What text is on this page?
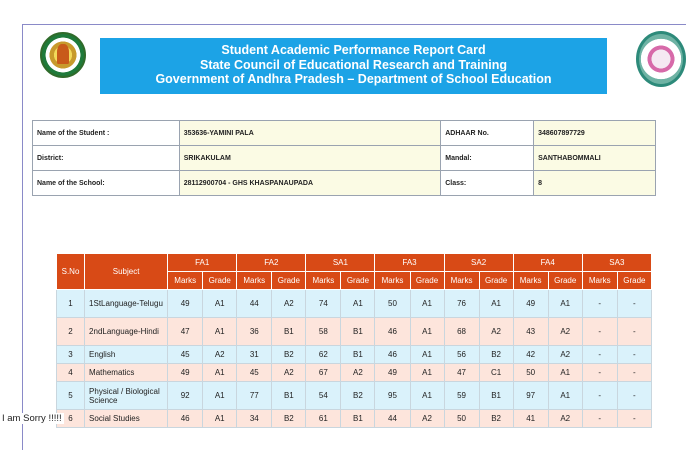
Student Academic Performance Report Card
State Council of Educational Research and Training
Government of Andhra Pradesh – Department of School Education
Name of the Student :	353636-YAMINI PALA	ADHAAR No.	348607897729
District:	SRIKAKULAM	Mandal:	SANTHABOMMALI
Name of the School:	28112900704 - GHS KHASPANAUPADA	Class:	8
S.No	Subject	FA1		FA2		SA1		FA3		SA2		FA4		SA3	
		Marks	Grade	Marks	Grade	Marks	Grade	Marks	Grade	Marks	Grade	Marks	Grade	Marks	Grade
1	1StLanguage-Telugu	49	A1	44	A2	74	A1	50	A1	76	A1	49	A1	-	-
2	2ndLanguage-Hindi	47	A1	36	B1	58	B1	46	A1	68	A2	43	A2	-	-
3	English	45	A2	31	B2	62	B1	46	A1	56	B2	42	A2	-	-
4	Mathematics	49	A1	45	A2	67	A2	49	A1	47	C1	50	A1	-	-
5	Physical / Biological Science	92	A1	77	B1	54	B2	95	A1	59	B1	97	A1	-	-
6	Social Studies	46	A1	34	B2	61	B1	44	A2	50	B2	41	A2	-	-
I am Sorry !!!!!
